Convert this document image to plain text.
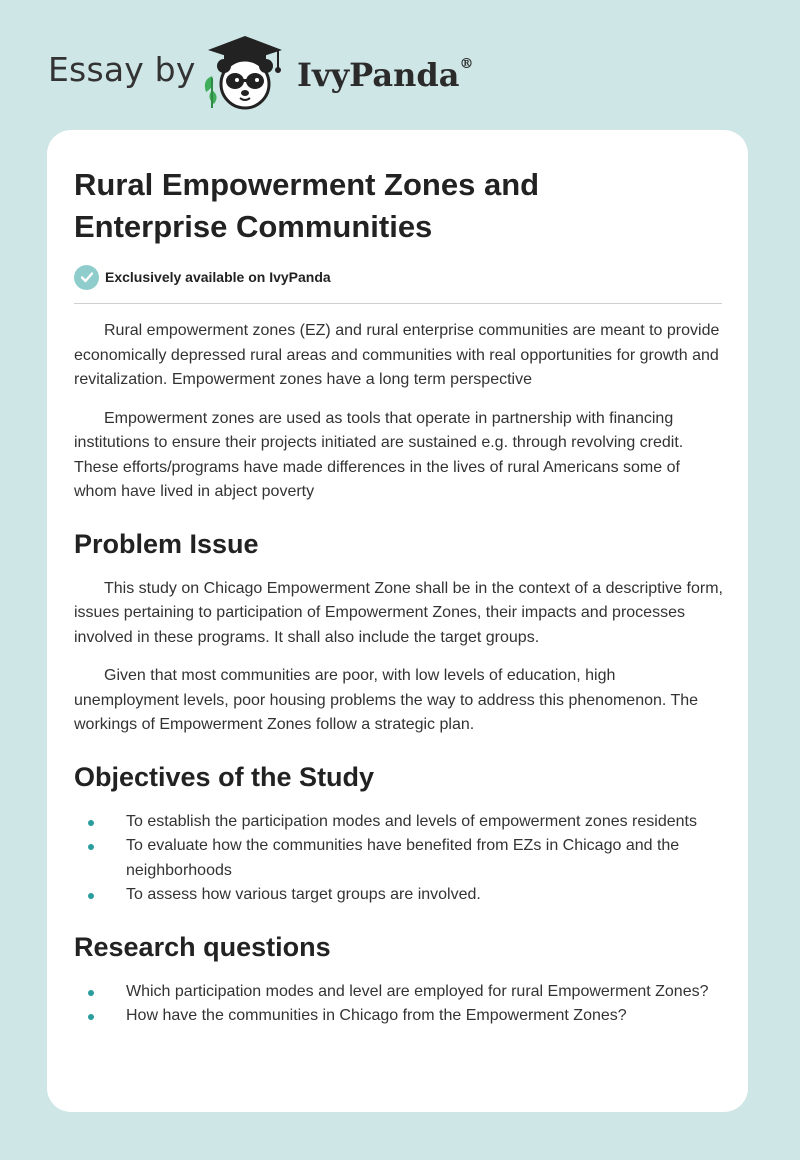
Essay by	IvyPanda®
Rural Empowerment Zones and Enterprise Communities
Exclusively available on IvyPanda

Rural empowerment zones (EZ) and rural enterprise communities are meant to provide economically depressed rural areas and communities with real opportunities for growth and revitalization. Empowerment zones have a long term perspective

Empowerment zones are used as tools that operate in partnership with financing institutions to ensure their projects initiated are sustained e.g. through revolving credit. These efforts/programs have made differences in the lives of rural Americans some of whom have lived in abject poverty

Problem Issue

This study on Chicago Empowerment Zone shall be in the context of a descriptive form, issues pertaining to participation of Empowerment Zones, their impacts and processes involved in these programs. It shall also include the target groups.

Given that most communities are poor, with low levels of education, high unemployment levels, poor housing problems the way to address this phenomenon. The workings of Empowerment Zones follow a strategic plan.

Objectives of the Study
To establish the participation modes and levels of empowerment zones residents
To evaluate how the communities have benefited from EZs in Chicago and the neighborhoods
To assess how various target groups are involved.
Research questions
Which participation modes and level are employed for rural Empowerment Zones?
How have the communities in Chicago from the Empowerment Zones?
